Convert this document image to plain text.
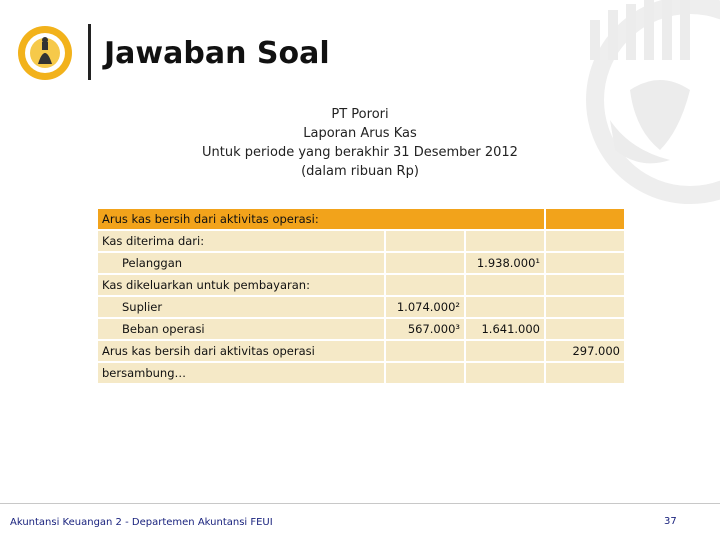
Jawaban Soal
PT Porori
Laporan Arus Kas
Untuk periode yang berakhir 31 Desember 2012
(dalam ribuan Rp)
Arus kas bersih dari aktivitas operasi:			
Kas diterima dari:			
Pelanggan		1.938.000¹	
Kas dikeluarkan untuk pembayaran:			
Suplier	1.074.000²		
Beban operasi	567.000³	1.641.000	
Arus kas bersih dari aktivitas operasi			297.000
bersambung…			
Akuntansi Keuangan 2 - Departemen Akuntansi FEUI	37
